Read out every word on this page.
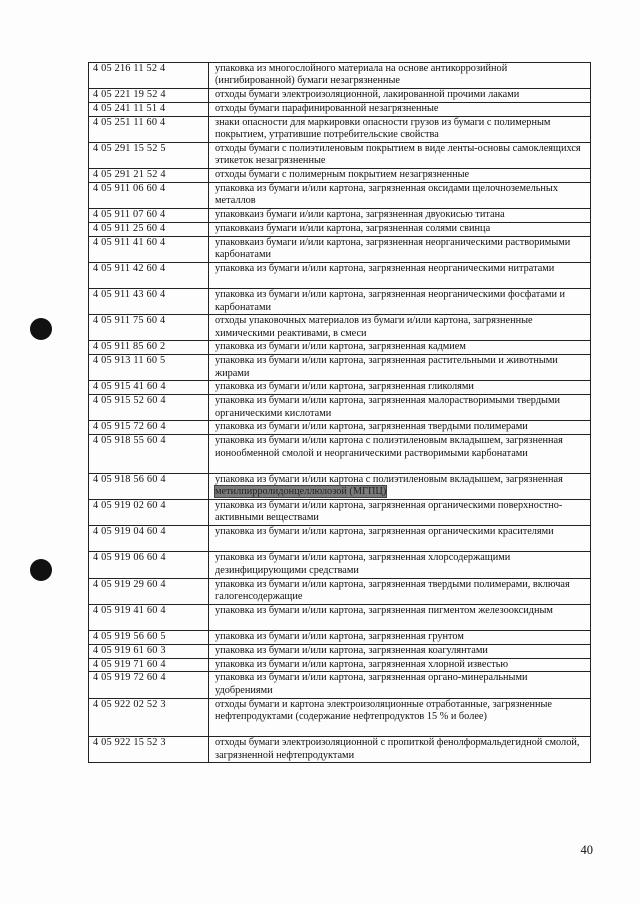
4 05 216 11 52 4	упаковка из многослойного материала на основе антикоррозийной (ингибированной) бумаги незагрязненные
4 05 221 19 52 4	отходы бумаги электроизоляционной, лакированной прочими лаками
4 05 241 11 51 4	отходы бумаги парафинированной незагрязненные
4 05 251 11 60 4	знаки опасности для маркировки опасности грузов из бумаги с полимерным покрытием, утратившие потребительские свойства
4 05 291 15 52 5	отходы бумаги с полиэтиленовым покрытием в виде ленты-основы самоклеящихся этикеток незагрязненные
4 05 291 21 52 4	отходы бумаги с полимерным покрытием незагрязненные
4 05 911 06 60 4	упаковка из бумаги и/или картона, загрязненная оксидами щелочноземельных металлов
4 05 911 07 60 4	упаковкаиз бумаги и/или картона, загрязненная двуокисью титана
4 05 911 25 60 4	упаковкаиз бумаги и/или картона, загрязненная солями свинца
4 05 911 41 60 4	упаковкаиз бумаги и/или картона, загрязненная неорганическими растворимыми карбонатами
4 05 911 42 60 4	упаковка из бумаги и/или картона, загрязненная неорганическими нитратами
4 05 911 43 60 4	упаковка из бумаги и/или картона, загрязненная неорганическими фосфатами и карбонатами
4 05 911 75 60 4	отходы упаковочных материалов из бумаги и/или картона, загрязненные химическими реактивами, в смеси
4 05 911 85 60 2	упаковка из бумаги и/или картона, загрязненная кадмием
4 05 913 11 60 5	упаковка из бумаги и/или картона, загрязненная растительными и животными жирами
4 05 915 41 60 4	упаковка из бумаги и/или картона, загрязненная гликолями
4 05 915 52 60 4	упаковка из бумаги и/или картона, загрязненная малорастворимыми твердыми органическими кислотами
4 05 915 72 60 4	упаковка из бумаги и/или картона, загрязненная твердыми полимерами
4 05 918 55 60 4	упаковка из бумаги и/или картона с полиэтиленовым вкладышем, загрязненная ионообменной смолой и неорганическими растворимыми карбонатами
4 05 918 56 60 4	упаковка из бумаги и/или картона с полиэтиленовым вкладышем, загрязненная метилпирролидонцеллюлозой (МГПЦ)
4 05 919 02 60 4	упаковка из бумаги и/или картона, загрязненная органическими поверхностно-активными веществами
4 05 919 04 60 4	упаковка из бумаги и/или картона, загрязненная органическими красителями
4 05 919 06 60 4	упаковка из бумаги и/или картона, загрязненная хлорсодержащими дезинфицирующими средствами
4 05 919 29 60 4	упаковка из бумаги и/или картона, загрязненная твердыми полимерами, включая галогенсодержащие
4 05 919 41 60 4	упаковка из бумаги и/или картона, загрязненная пигментом железооксидным
4 05 919 56 60 5	упаковка из бумаги и/или картона, загрязненная грунтом
4 05 919 61 60 3	упаковка из бумаги и/или картона, загрязненная коагулянтами
4 05 919 71 60 4	упаковка из бумаги и/или картона, загрязненная хлорной известью
4 05 919 72 60 4	упаковка из бумаги и/или картона, загрязненная органо-минеральными удобрениями
4 05 922 02 52 3	отходы бумаги и картона электроизоляционные отработанные, загрязненные нефтепродуктами (содержание нефтепродуктов 15 % и более)
4 05 922 15 52 3	отходы бумаги электроизоляционной с пропиткой фенолформальдегидной смолой, загрязненной нефтепродуктами
40
